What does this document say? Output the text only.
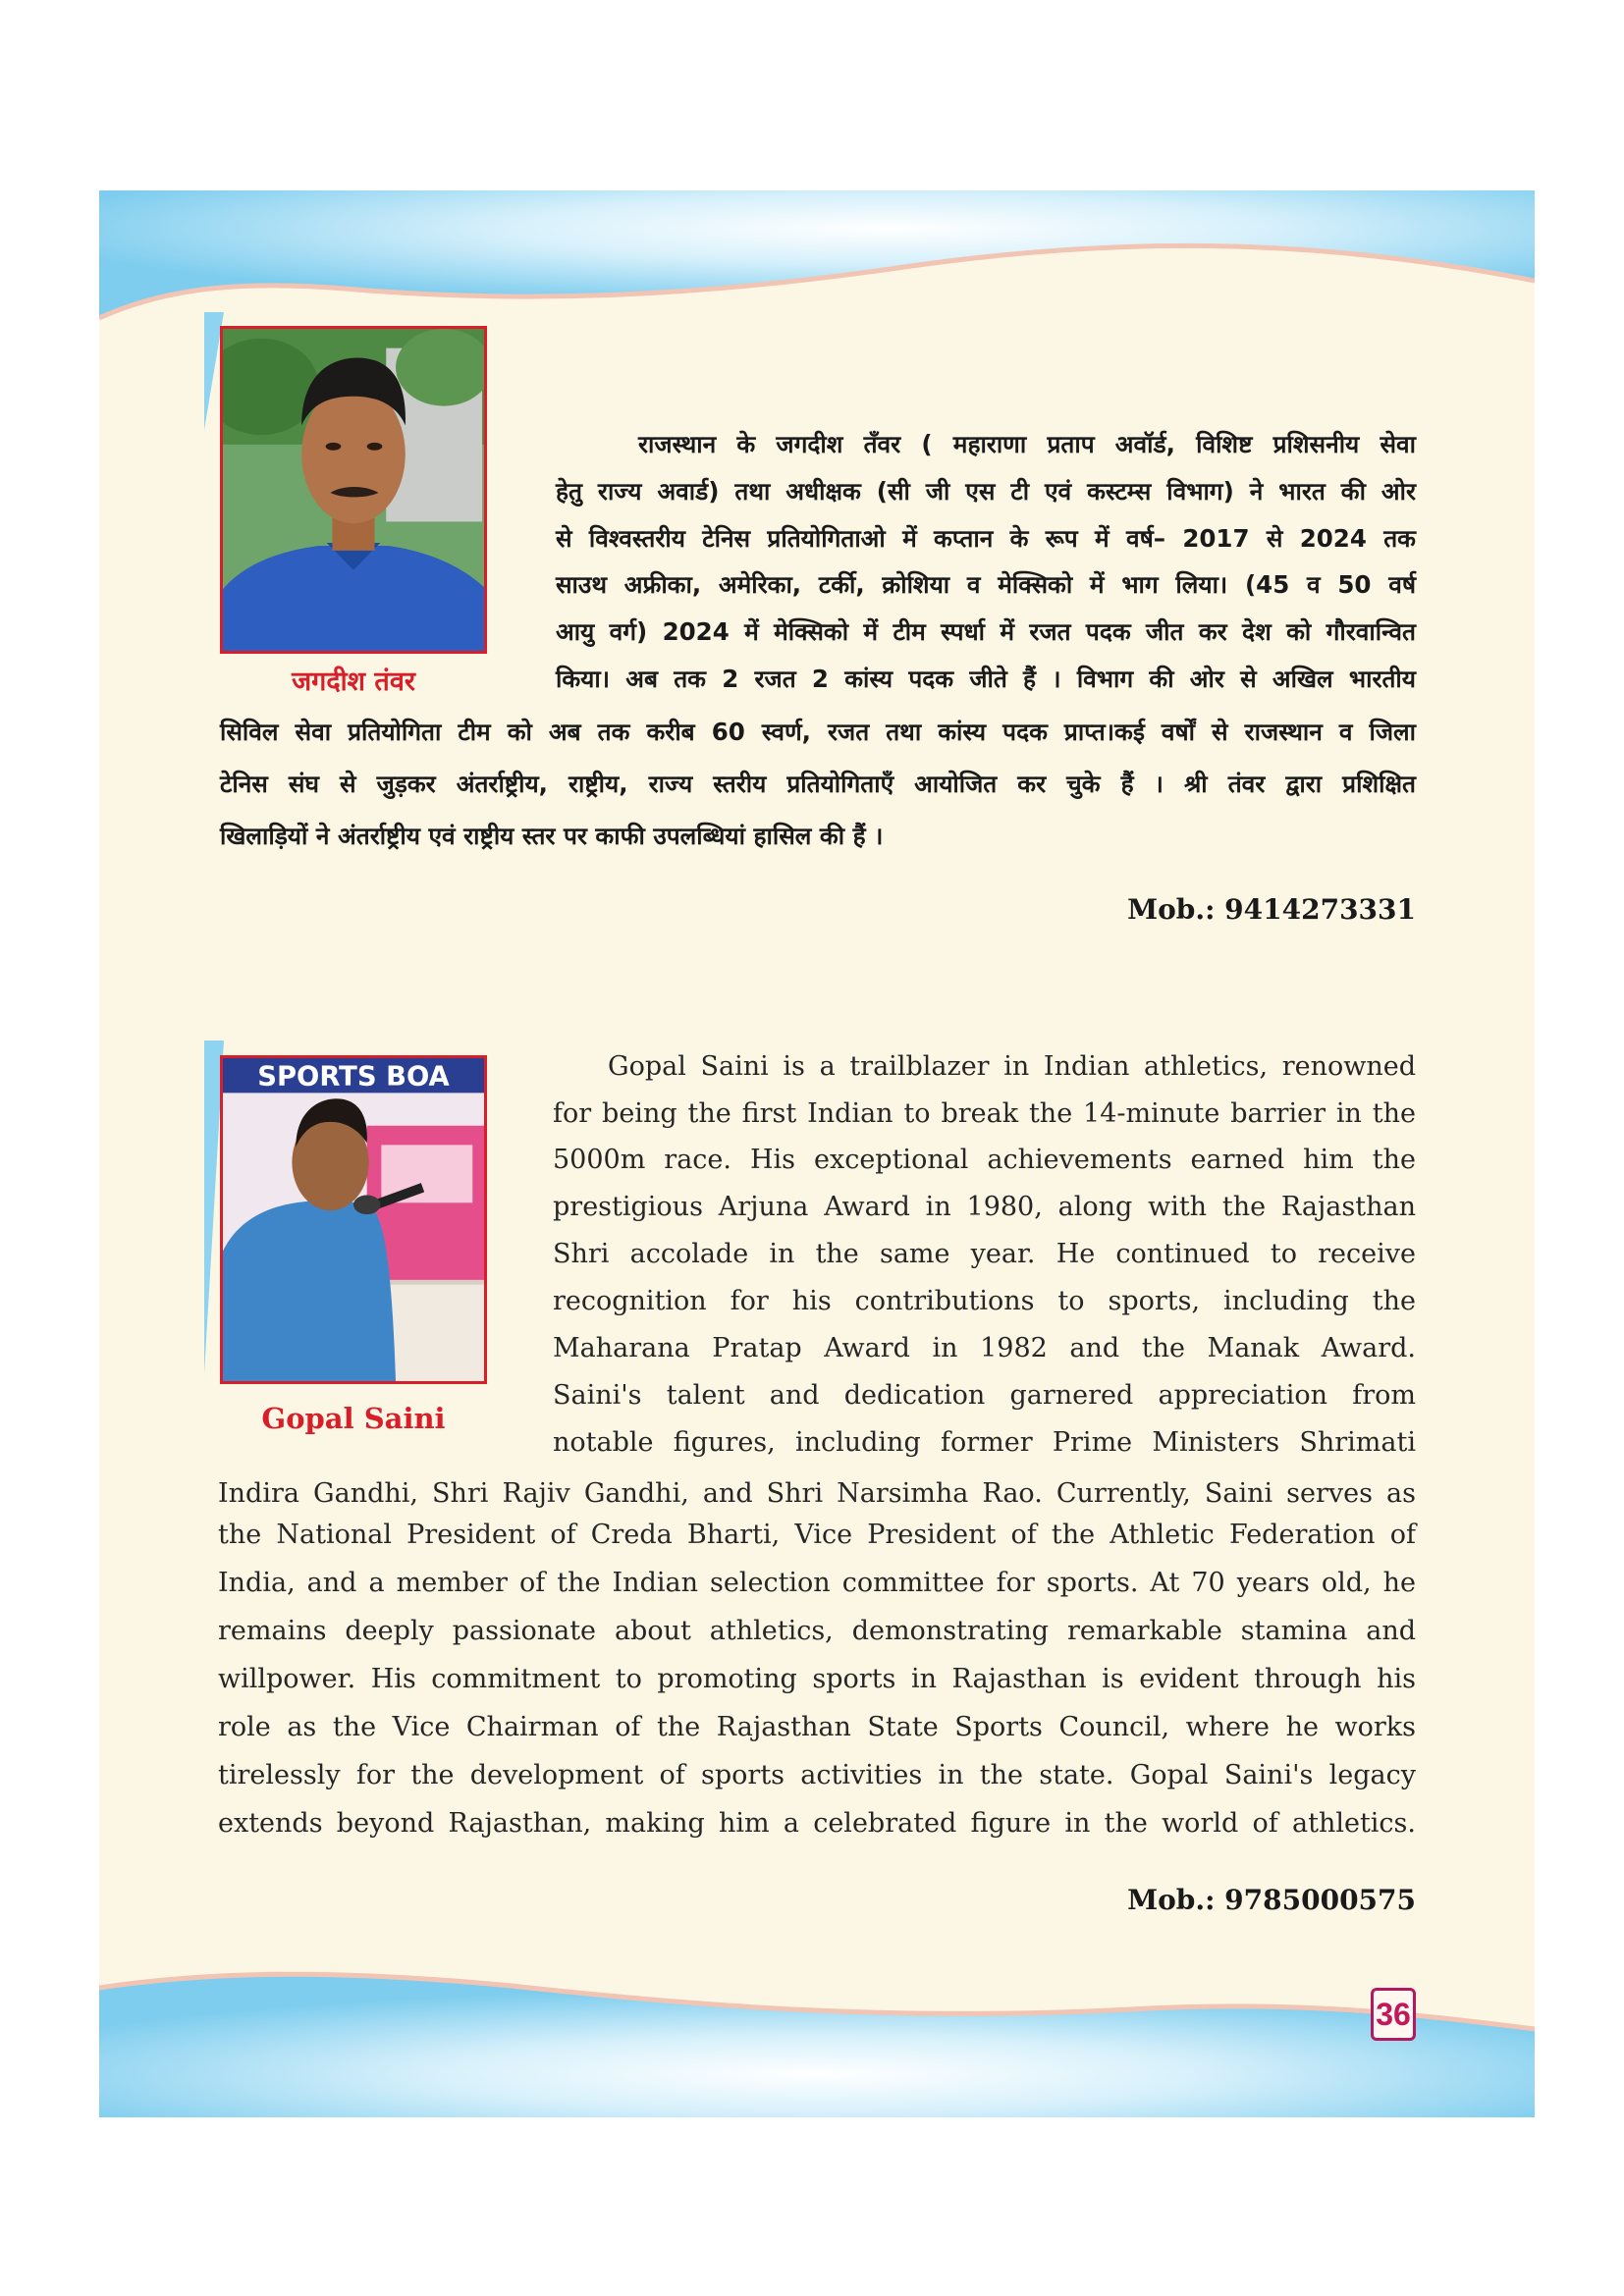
जगदीश तंवर

राजस्थान के जगदीश तँवर ( महाराणा प्रताप अवॉर्ड, विशिष्ट प्रशिसनीय सेवा

हेतु राज्य अवार्ड) तथा अधीक्षक (सी जी एस टी एवं कस्टम्स विभाग) ने भारत की ओर

से विश्वस्तरीय टेनिस प्रतियोगिताओ में कप्तान के रूप में वर्ष– 2017 से 2024 तक

साउथ अफ्रीका, अमेरिका, टर्की, क्रोशिया व मेक्सिको में भाग लिया। (45 व 50 वर्ष

आयु वर्ग) 2024 में मेक्सिको में टीम स्पर्धा में रजत पदक जीत कर देश को गौरवान्वित

किया। अब तक 2 रजत 2 कांस्य पदक जीते हैं । विभाग की ओर से अखिल भारतीय

सिविल सेवा प्रतियोगिता टीम को अब तक करीब 60 स्वर्ण, रजत तथा कांस्य पदक प्राप्त।कई वर्षों से राजस्थान व जिला

टेनिस संघ से जुड़कर अंतर्राष्ट्रीय, राष्ट्रीय, राज्य स्तरीय प्रतियोगिताएँ आयोजित कर चुके हैं । श्री तंवर द्वारा प्रशिक्षित

खिलाड़ियों ने अंतर्राष्ट्रीय एवं राष्ट्रीय स्तर पर काफी उपलब्धियां हासिल की हैं ।

Mob.: 9414273331
SPORTS BOA
Gopal Saini

Gopal Saini is a trailblazer in Indian athletics, renowned

for being the first Indian to break the 14-minute barrier in the

5000m race. His exceptional achievements earned him the

prestigious Arjuna Award in 1980, along with the Rajasthan

Shri accolade in the same year. He continued to receive

recognition for his contributions to sports, including the

Maharana Pratap Award in 1982 and the Manak Award.

Saini's talent and dedication garnered appreciation from

notable figures, including former Prime Ministers Shrimati

Indira Gandhi, Shri Rajiv Gandhi, and Shri Narsimha Rao. Currently, Saini serves as

the National President of Creda Bharti, Vice President of the Athletic Federation of

India, and a member of the Indian selection committee for sports. At 70 years old, he

remains deeply passionate about athletics, demonstrating remarkable stamina and

willpower. His commitment to promoting sports in Rajasthan is evident through his

role as the Vice Chairman of the Rajasthan State Sports Council, where he works

tirelessly for the development of sports activities in the state. Gopal Saini's legacy

extends beyond Rajasthan, making him a celebrated figure in the world of athletics.

Mob.: 9785000575
36
